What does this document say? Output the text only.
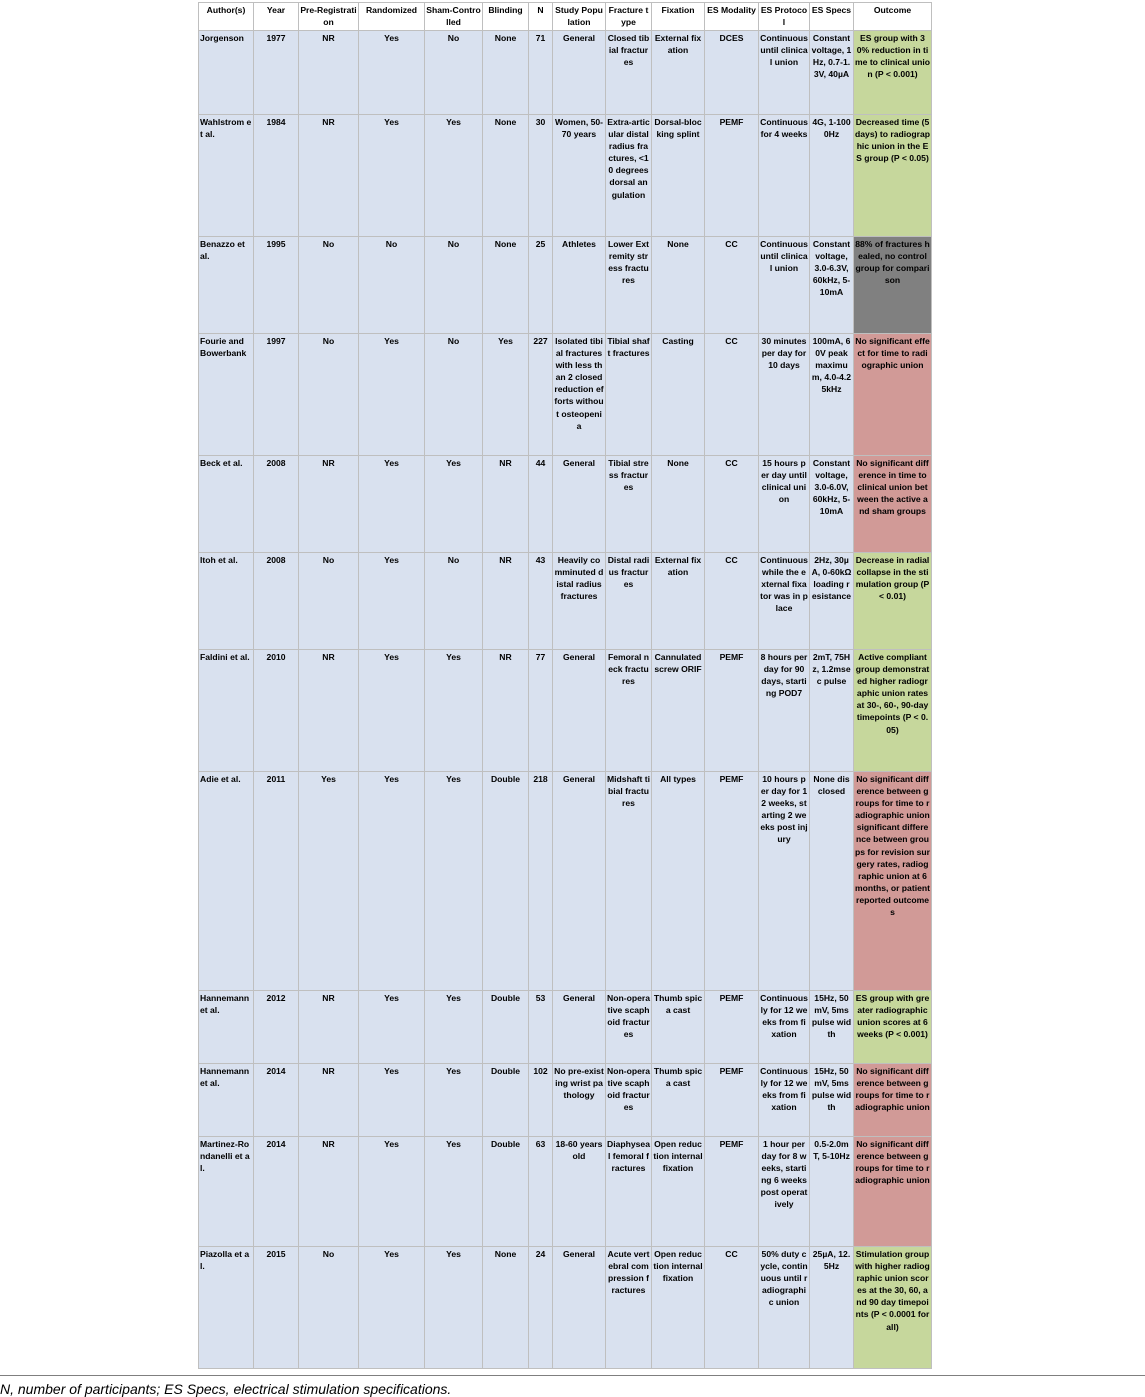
Author(s)	Year	Pre-Registration	Randomized	Sham-Controlled	Blinding	N	Study Population	Fracture type	Fixation	ES Modality	ES Protocol	ES Specs	Outcome
Jorgenson	1977	NR	Yes	No	None	71	General	Closed tibial fractures	External fixation	DCES	Continuous until clinical union	Constant voltage, 1Hz, 0.7-1.3V, 40µA	ES group with 30% reduction in time to clinical union (P < 0.001)
Wahlstrom et al.	1984	NR	Yes	Yes	None	30	Women, 50-70 years	Extra-articular distal radius fractures, <10 degrees dorsal angulation	Dorsal-blocking splint	PEMF	Continuous for 4 weeks	4G, 1-1000Hz	Decreased time (5 days) to radiographic union in the ES group (P < 0.05)
Benazzo et al.	1995	No	No	No	None	25	Athletes	Lower Extremity stress fractures	None	CC	Continuous until clinical union	Constant voltage, 3.0-6.3V, 60kHz, 5-10mA	88% of fractures healed, no control group for comparison
Fourie and Bowerbank	1997	No	Yes	No	Yes	227	Isolated tibial fractures with less than 2 closed reduction efforts without osteopenia	Tibial shaft fractures	Casting	CC	30 minutes per day for 10 days	100mA, 60V peak maximum, 4.0-4.25kHz	No significant effect for time to radiographic union
Beck et al.	2008	NR	Yes	Yes	NR	44	General	Tibial stress fractures	None	CC	15 hours per day until clinical union	Constant voltage, 3.0-6.0V, 60kHz, 5-10mA	No significant difference in time to clinical union between the active and sham groups
Itoh et al.	2008	No	Yes	No	NR	43	Heavily comminuted distal radius fractures	Distal radius fractures	External fixation	CC	Continuous while the external fixator was in place	2Hz, 30µA, 0-60kΩ loading resistance	Decrease in radial collapse in the stimulation group (P < 0.01)
Faldini et al.	2010	NR	Yes	Yes	NR	77	General	Femoral neck fractures	Cannulated screw ORIF	PEMF	8 hours per day for 90 days, starting POD7	2mT, 75Hz, 1.2msec pulse	Active compliant group demonstrated higher radiographic union rates at 30-, 60-, 90-day timepoints (P < 0.05)
Adie et al.	2011	Yes	Yes	Yes	Double	218	General	Midshaft tibial fractures	All types	PEMF	10 hours per day for 12 weeks, starting 2 weeks post injury	None disclosed	No significant difference between groups for time to radiographic union significant difference between groups for revision surgery rates, radiographic union at 6 months, or patient reported outcomes
Hannemann et al.	2012	NR	Yes	Yes	Double	53	General	Non-operative scaphoid fractures	Thumb spica cast	PEMF	Continuously for 12 weeks from fixation	15Hz, 50mV, 5ms pulse width	ES group with greater radiographic union scores at 6 weeks (P < 0.001)
Hannemann et al.	2014	NR	Yes	Yes	Double	102	No pre-existing wrist pathology	Non-operative scaphoid fractures	Thumb spica cast	PEMF	Continuously for 12 weeks from fixation	15Hz, 50mV, 5ms pulse width	No significant difference between groups for time to radiographic union
Martinez-Rondanelli et al.	2014	NR	Yes	Yes	Double	63	18-60 years old	Diaphyseal femoral fractures	Open reduction internal fixation	PEMF	1 hour per day for 8 weeks, starting 6 weeks post operatively	0.5-2.0mT, 5-10Hz	No significant difference between groups for time to radiographic union
Piazolla et al.	2015	No	Yes	Yes	None	24	General	Acute vertebral compression fractures	Open reduction internal fixation	CC	50% duty cycle, continuous until radiographic union	25µA, 12.5Hz	Stimulation group with higher radiographic union scores at the 30, 60, and 90 day timepoints (P < 0.0001 for all)
N, number of participants; ES Specs, electrical stimulation specifications.
